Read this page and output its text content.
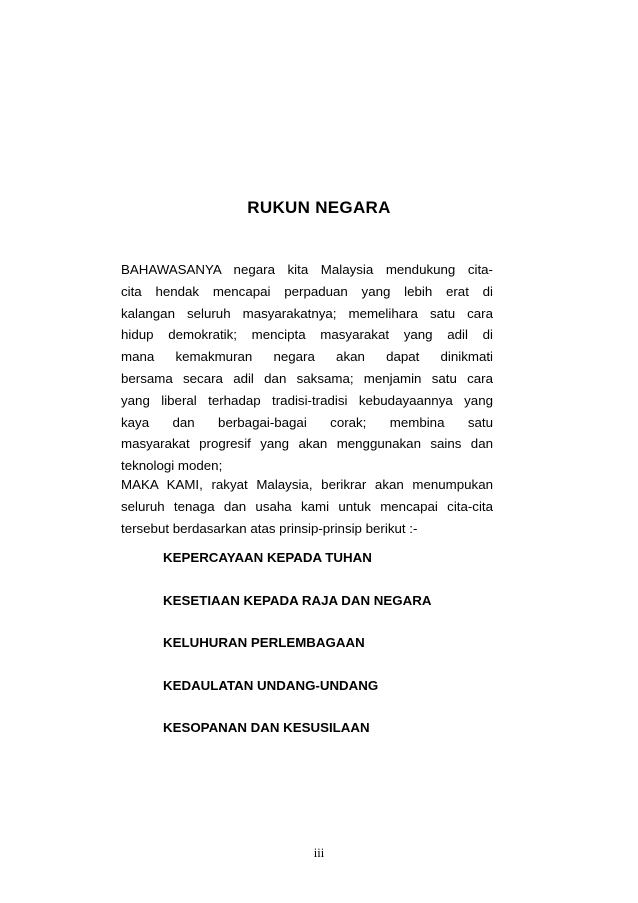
RUKUN NEGARA
BAHAWASANYA negara kita Malaysia mendukung cita-
cita hendak mencapai perpaduan yang lebih erat di
kalangan seluruh masyarakatnya; memelihara satu cara
hidup demokratik; mencipta masyarakat yang adil di
mana kemakmuran negara akan dapat dinikmati
bersama secara adil dan saksama; menjamin satu cara
yang liberal terhadap tradisi-tradisi kebudayaannya yang
kaya dan berbagai-bagai corak; membina satu
masyarakat progresif yang akan menggunakan sains dan
teknologi moden;
MAKA KAMI, rakyat Malaysia, berikrar akan menumpukan
seluruh tenaga dan usaha kami untuk mencapai cita-cita
tersebut berdasarkan atas prinsip-prinsip berikut :-
KEPERCAYAAN KEPADA TUHAN
KESETIAAN KEPADA RAJA DAN NEGARA
KELUHURAN PERLEMBAGAAN
KEDAULATAN UNDANG-UNDANG
KESOPANAN DAN KESUSILAAN

iii
